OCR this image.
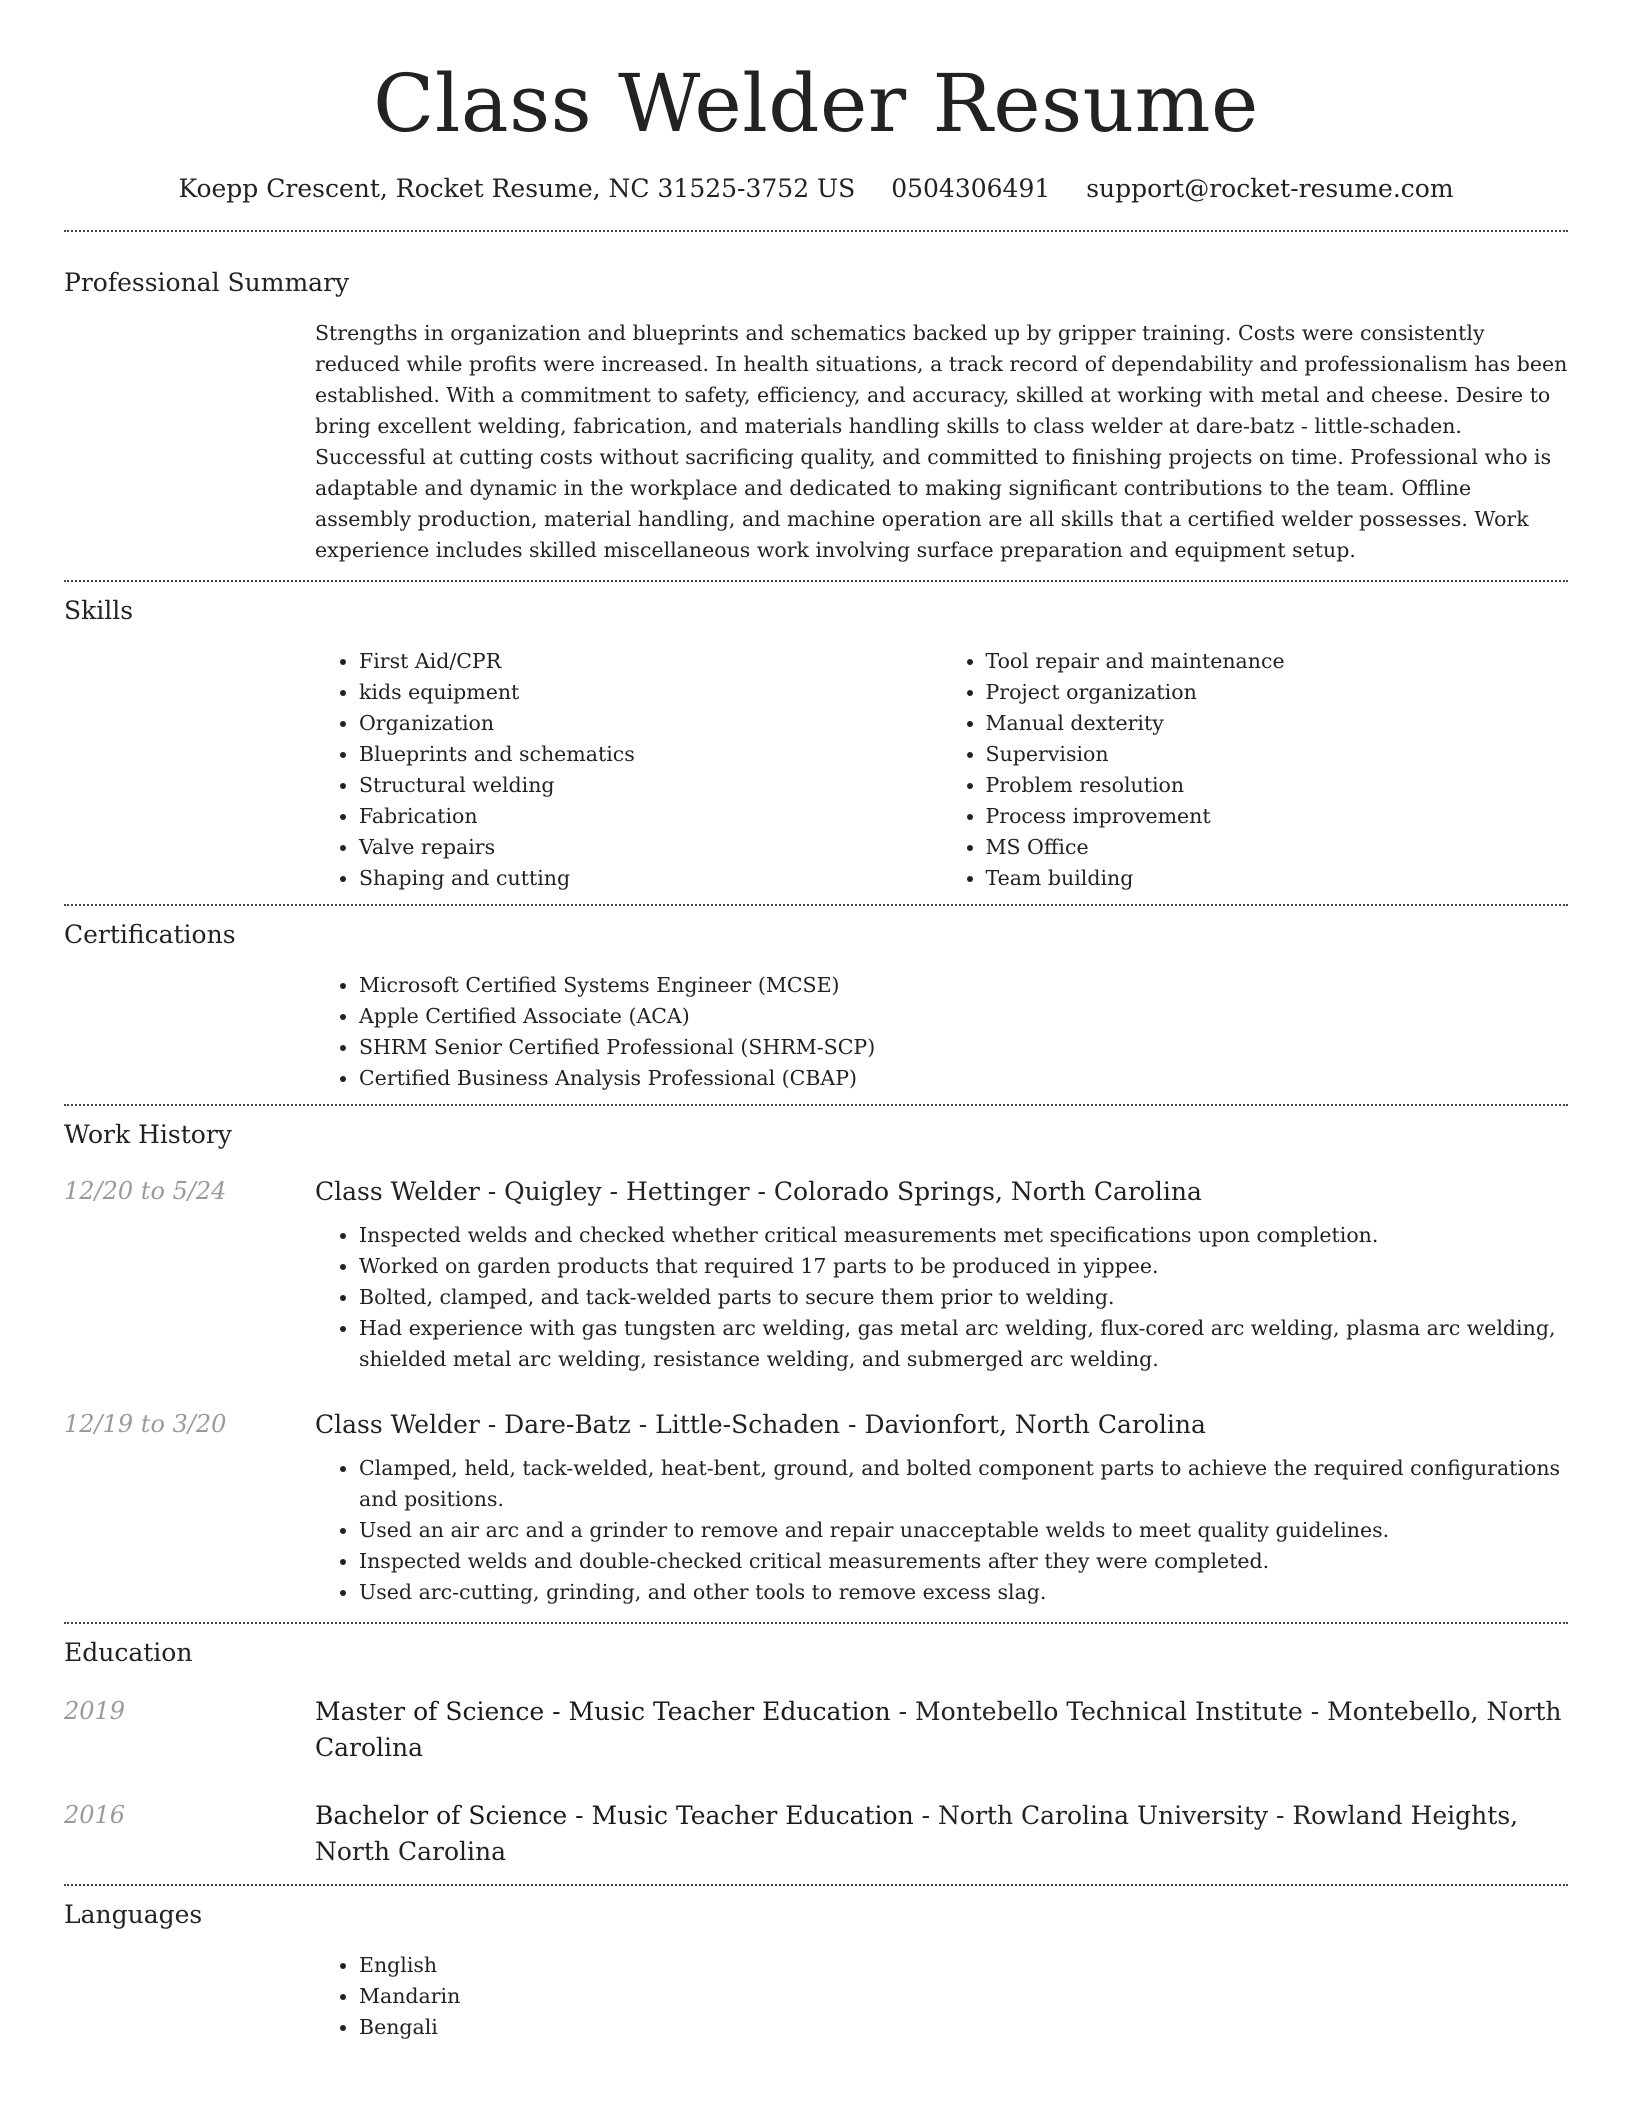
Class Welder Resume
Koepp Crescent, Rocket Resume, NC 31525-3752 US 0504306491 support@rocket-resume.com
Professional Summary

Strengths in organization and blueprints and schematics backed up by gripper training. Costs were consistently reduced while profits were increased. In health situations, a track record of dependability and professionalism has been established. With a commitment to safety, efficiency, and accuracy, skilled at working with metal and cheese. Desire to bring excellent welding, fabrication, and materials handling skills to class welder at dare-batz - little-schaden. Successful at cutting costs without sacrificing quality, and committed to finishing projects on time. Professional who is adaptable and dynamic in the workplace and dedicated to making significant contributions to the team. Offline assembly production, material handling, and machine operation are all skills that a certified welder possesses. Work experience includes skilled miscellaneous work involving surface preparation and equipment setup.

Skills
• First Aid/CPR
• kids equipment
• Organization
• Blueprints and schematics
• Structural welding
• Fabrication
• Valve repairs
• Shaping and cutting
• Tool repair and maintenance
• Project organization
• Manual dexterity
• Supervision
• Problem resolution
• Process improvement
• MS Office
• Team building
Certifications
• Microsoft Certified Systems Engineer (MCSE)
• Apple Certified Associate (ACA)
• SHRM Senior Certified Professional (SHRM-SCP)
• Certified Business Analysis Professional (CBAP)
Work History
12/20 to 5/24	Class Welder - Quigley - Hettinger - Colorado Springs, North Carolina
• Inspected welds and checked whether critical measurements met specifications upon completion.
• Worked on garden products that required 17 parts to be produced in yippee.
• Bolted, clamped, and tack-welded parts to secure them prior to welding.
• Had experience with gas tungsten arc welding, gas metal arc welding, flux-cored arc welding, plasma arc welding, shielded metal arc welding, resistance welding, and submerged arc welding.
12/19 to 3/20	Class Welder - Dare-Batz - Little-Schaden - Davionfort, North Carolina
• Clamped, held, tack-welded, heat-bent, ground, and bolted component parts to achieve the required configurations and positions.
• Used an air arc and a grinder to remove and repair unacceptable welds to meet quality guidelines.
• Inspected welds and double-checked critical measurements after they were completed.
• Used arc-cutting, grinding, and other tools to remove excess slag.
Education
2019	Master of Science - Music Teacher Education - Montebello Technical Institute - Montebello, North Carolina
2016	Bachelor of Science - Music Teacher Education - North Carolina University - Rowland Heights, North Carolina
Languages
• English
• Mandarin
• Bengali
